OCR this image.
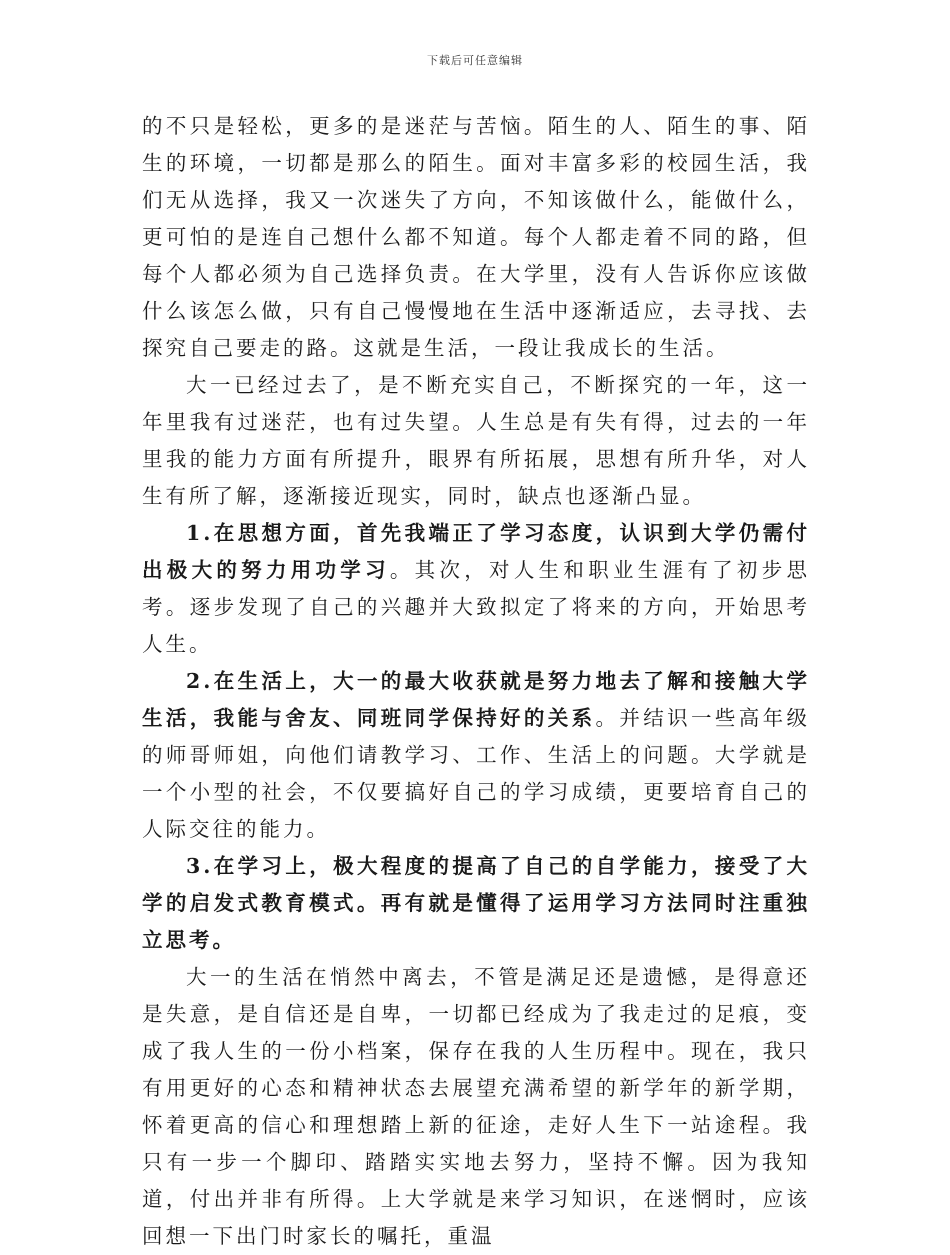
下载后可任意编辑

的不只是轻松，更多的是迷茫与苦恼。陌生的人、陌生的事、陌生的环境，一切都是那么的陌生。面对丰富多彩的校园生活，我们无从选择，我又一次迷失了方向，不知该做什么，能做什么，更可怕的是连自己想什么都不知道。每个人都走着不同的路，但每个人都必须为自己选择负责。在大学里，没有人告诉你应该做什么该怎么做，只有自己慢慢地在生活中逐渐适应，去寻找、去探究自己要走的路。这就是生活，一段让我成长的生活。

大一已经过去了，是不断充实自己，不断探究的一年，这一年里我有过迷茫，也有过失望。人生总是有失有得，过去的一年里我的能力方面有所提升，眼界有所拓展，思想有所升华，对人生有所了解，逐渐接近现实，同时，缺点也逐渐凸显。

1.在思想方面，首先我端正了学习态度，认识到大学仍需付出极大的努力用功学习。其次，对人生和职业生涯有了初步思考。逐步发现了自己的兴趣并大致拟定了将来的方向，开始思考人生。

2.在生活上，大一的最大收获就是努力地去了解和接触大学生活，我能与舍友、同班同学保持好的关系。并结识一些高年级的师哥师姐，向他们请教学习、工作、生活上的问题。大学就是一个小型的社会，不仅要搞好自己的学习成绩，更要培育自己的人际交往的能力。

3.在学习上，极大程度的提高了自己的自学能力，接受了大学的启发式教育模式。再有就是懂得了运用学习方法同时注重独立思考。

大一的生活在悄然中离去，不管是满足还是遗憾，是得意还是失意，是自信还是自卑，一切都已经成为了我走过的足痕，变成了我人生的一份小档案，保存在我的人生历程中。现在，我只有用更好的心态和精神状态去展望充满希望的新学年的新学期，怀着更高的信心和理想踏上新的征途，走好人生下一站途程。我只有一步一个脚印、踏踏实实地去努力，坚持不懈。因为我知道，付出并非有所得。上大学就是来学习知识，在迷惘时，应该回想一下出门时家长的嘱托，重温
